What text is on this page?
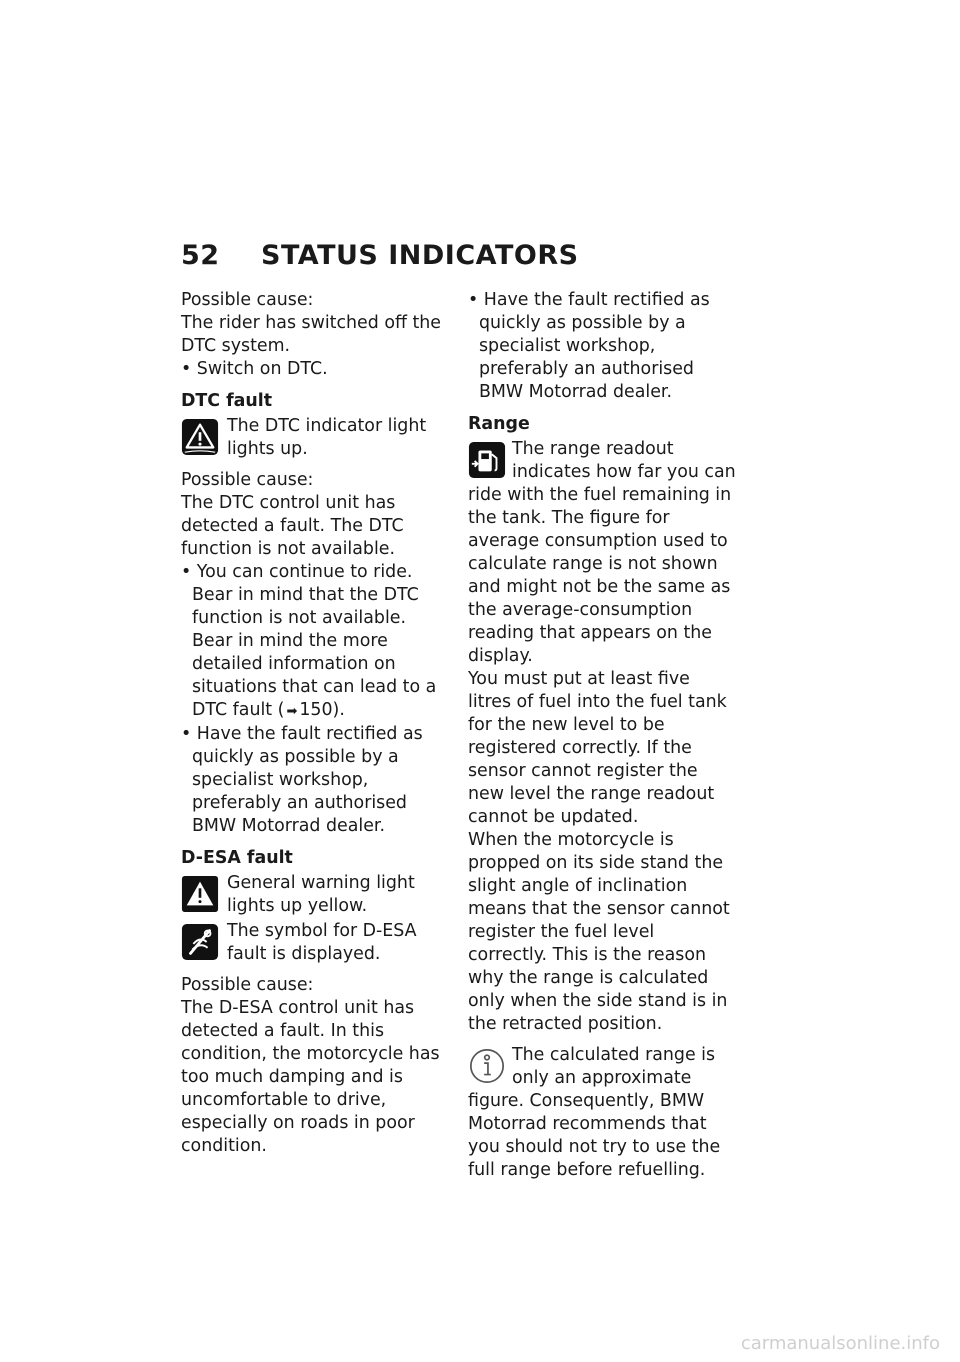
52 STATUS INDICATORS

Possible cause:

The rider has switched off the DTC system.

• Switch on DTC.

DTC fault

The DTC indicator light lights up.

Possible cause:

The DTC control unit has detected a fault. The DTC function is not available.

• You can continue to ride. Bear in mind that the DTC function is not available. Bear in mind the more detailed information on situations that can lead to a DTC fault ( ➡ 150).

• Have the fault rectified as quickly as possible by a specialist workshop, preferably an authorised BMW Motorrad dealer.

D-ESA fault

General warning light lights up yellow.

The symbol for D-ESA fault is displayed.

Possible cause:

The D-ESA control unit has detected a fault. In this condition, the motorcycle has too much damping and is uncomfortable to drive, especially on roads in poor condition.

• Have the fault rectified as quickly as possible by a specialist workshop, preferably an authorised BMW Motorrad dealer.

Range

The range readout indicates how far you can ride with the fuel remaining in the tank. The figure for average consumption used to calculate range is not shown and might not be the same as the average-consumption reading that appears on the display.

You must put at least five litres of fuel into the fuel tank for the new level to be registered correctly. If the sensor cannot register the new level the range readout cannot be updated.

When the motorcycle is propped on its side stand the slight angle of inclination means that the sensor cannot register the fuel level correctly. This is the reason why the range is calculated only when the side stand is in the retracted position.

The calculated range is only an approximate figure. Consequently, BMW Motorrad recommends that you should not try to use the full range before refuelling.

carmanualsonline.info
